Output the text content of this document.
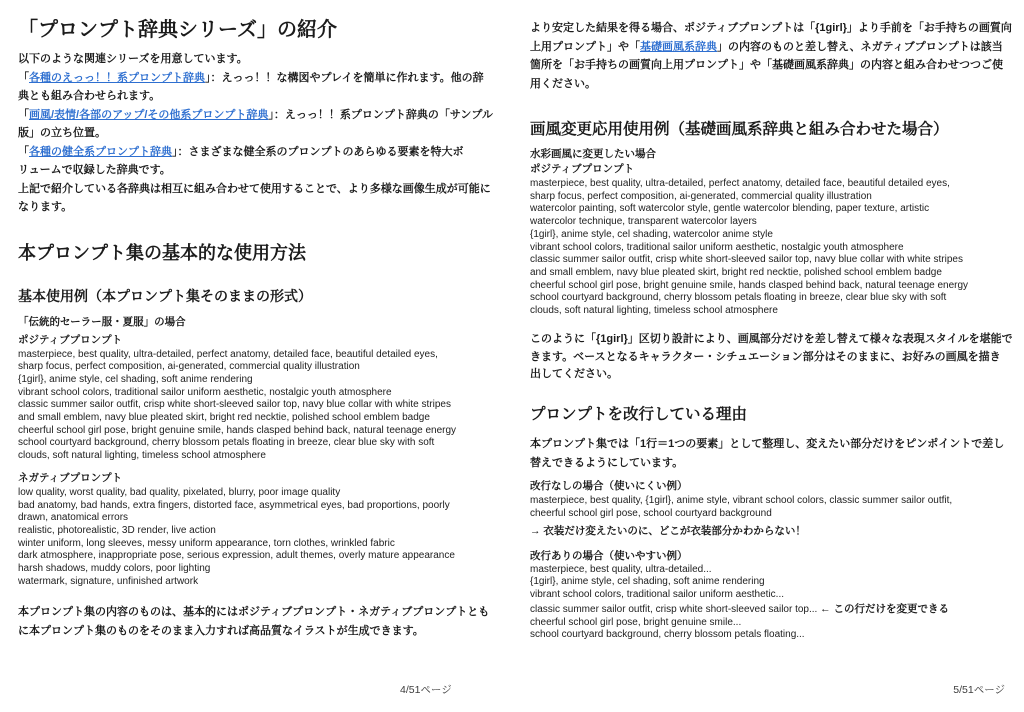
「プロンプト辞典シリーズ」の紹介
以下のような関連シリーズを用意しています。
「各種のえっっ！！系プロンプト辞典」：えっっ！！な構図やプレイを簡単に作れます。他の辞
典とも組み合わせられます。
「画風/表情/各部のアップ/その他系プロンプト辞典」：えっっ！！系プロンプト辞典の「サンプル
版」の立ち位置。
「各種の健全系プロンプト辞典」：さまざまな健全系のプロンプトのあらゆる要素を特大ボ
リュームで収録した辞典です。
上記で紹介している各辞典は相互に組み合わせて使用することで、より多様な画像生成が可能に
なります。
本プロンプト集の基本的な使用方法
基本使用例（本プロンプト集そのままの形式）
「伝統的セーラー服・夏服」の場合
ポジティブプロンプト
masterpiece, best quality, ultra-detailed, perfect anatomy, detailed face, beautiful detailed eyes,
sharp focus, perfect composition, ai-generated, commercial quality illustration
{1girl}, anime style, cel shading, soft anime rendering
vibrant school colors, traditional sailor uniform aesthetic, nostalgic youth atmosphere
classic summer sailor outfit, crisp white short-sleeved sailor top, navy blue collar with white stripes
and small emblem, navy blue pleated skirt, bright red necktie, polished school emblem badge
cheerful school girl pose, bright genuine smile, hands clasped behind back, natural teenage energy
school courtyard background, cherry blossom petals floating in breeze, clear blue sky with soft
clouds, soft natural lighting, timeless school atmosphere
ネガティブプロンプト
low quality, worst quality, bad quality, pixelated, blurry, poor image quality
bad anatomy, bad hands, extra fingers, distorted face, asymmetrical eyes, bad proportions, poorly
drawn, anatomical errors
realistic, photorealistic, 3D render, live action
winter uniform, long sleeves, messy uniform appearance, torn clothes, wrinkled fabric
dark atmosphere, inappropriate pose, serious expression, adult themes, overly mature appearance
harsh shadows, muddy colors, poor lighting
watermark, signature, unfinished artwork
本プロンプト集の内容のものは、基本的にはポジティブプロンプト・ネガティブプロンプトとも
に本プロンプト集のものをそのまま入力すれば高品質なイラストが生成できます。
4/51ページ
より安定した結果を得る場合、ポジティブプロンプトは「{1girl}」より手前を「お手持ちの画質向
上用プロンプト」や「基礎画風系辞典」の内容のものと差し替え、ネガティブプロンプトは該当
箇所を「お手持ちの画質向上用プロンプト」や「基礎画風系辞典」の内容と組み合わせつつご使
用ください。
画風変更応用使用例（基礎画風系辞典と組み合わせた場合）
水彩画風に変更したい場合
ポジティブプロンプト
masterpiece, best quality, ultra-detailed, perfect anatomy, detailed face, beautiful detailed eyes,
sharp focus, perfect composition, ai-generated, commercial quality illustration
watercolor painting, soft watercolor style, gentle watercolor blending, paper texture, artistic
watercolor technique, transparent watercolor layers
{1girl}, anime style, cel shading, watercolor anime style
vibrant school colors, traditional sailor uniform aesthetic, nostalgic youth atmosphere
classic summer sailor outfit, crisp white short-sleeved sailor top, navy blue collar with white stripes
and small emblem, navy blue pleated skirt, bright red necktie, polished school emblem badge
cheerful school girl pose, bright genuine smile, hands clasped behind back, natural teenage energy
school courtyard background, cherry blossom petals floating in breeze, clear blue sky with soft
clouds, soft natural lighting, timeless school atmosphere
このように「{1girl}」区切り設計により、画風部分だけを差し替えて様々な表現スタイルを堪能で
きます。ベースとなるキャラクター・シチュエーション部分はそのままに、お好みの画風を描き
出してください。
プロンプトを改行している理由
本プロンプト集では「1行＝1つの要素」として整理し、変えたい部分だけをピンポイントで差し
替えできるようにしています。
改行なしの場合（使いにくい例）
masterpiece, best quality, {1girl}, anime style, vibrant school colors, classic summer sailor outfit,
cheerful school girl pose, school courtyard background
→ 衣装だけ変えたいのに、どこが衣装部分かわからない！
改行ありの場合（使いやすい例）
masterpiece, best quality, ultra-detailed...
{1girl}, anime style, cel shading, soft anime rendering
vibrant school colors, traditional sailor uniform aesthetic...
classic summer sailor outfit, crisp white short-sleeved sailor top... ← この行だけを変更できる
cheerful school girl pose, bright genuine smile...
school courtyard background, cherry blossom petals floating...
5/51ページ
